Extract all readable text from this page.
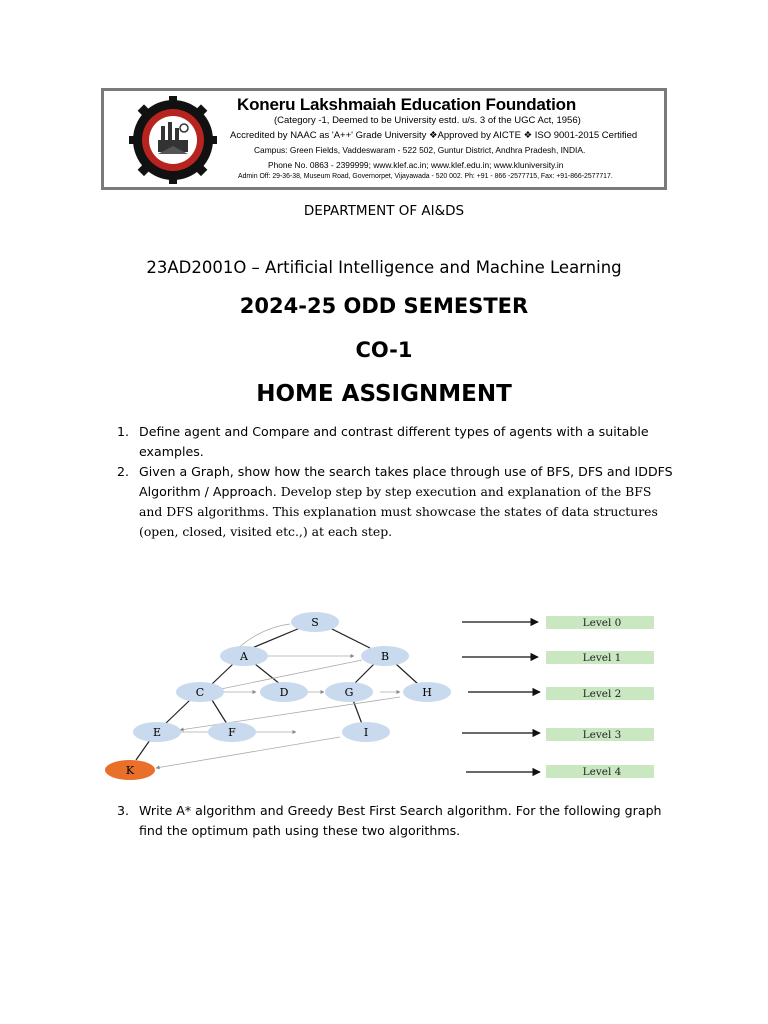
Koneru Lakshmaiah Education Foundation
(Category -1, Deemed to be University estd. u/s. 3 of the UGC Act, 1956)
Accredited by NAAC as 'A++' Grade University ❖Approved by AICTE ❖ ISO 9001-2015 Certified
Campus: Green Fields, Vaddeswaram - 522 502, Guntur District, Andhra Pradesh, INDIA.
Phone No. 0863 - 2399999; www.klef.ac.in; www.klef.edu.in; www.kluniversity.in
Admin Off: 29-36-38, Museum Road, Governorpet, Vijayawada - 520 002. Ph: +91 - 866 -2577715, Fax: +91-866-2577717.
DEPARTMENT OF AI&DS
23AD2001O – Artificial Intelligence and Machine Learning
2024-25 ODD SEMESTER
CO-1
HOME ASSIGNMENT
1. Define agent and Compare and contrast different types of agents with a suitable examples.
2. Given a Graph, show how the search takes place through use of BFS, DFS and IDDFS Algorithm / Approach. Develop step by step execution and explanation of the BFS and DFS algorithms. This explanation must showcase the states of data structures (open, closed, visited etc.,) at each step.
S
A	B
C	D	G	H
E	F	I
K
Level 0
Level 1
Level 2
Level 3
Level 4
3. Write A* algorithm and Greedy Best First Search algorithm. For the following graph find the optimum path using these two algorithms.
